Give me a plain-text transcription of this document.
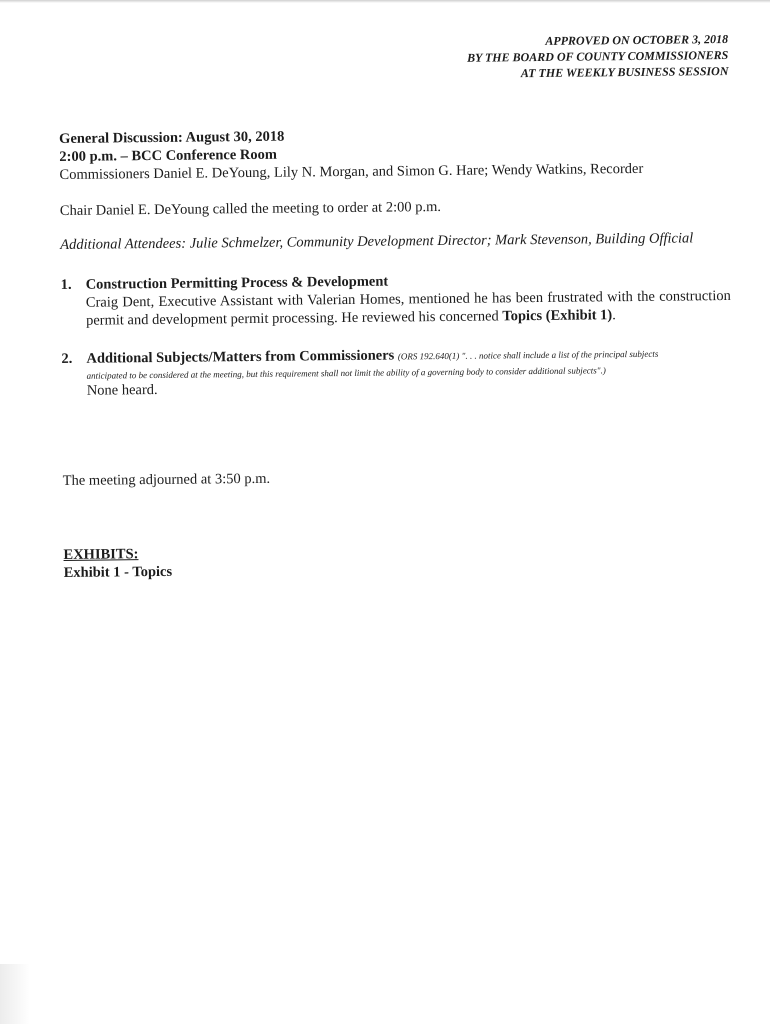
APPROVED ON OCTOBER 3, 2018
BY THE BOARD OF COUNTY COMMISSIONERS
AT THE WEEKLY BUSINESS SESSION
General Discussion: August 30, 2018
2:00 p.m. – BCC Conference Room
Commissioners Daniel E. DeYoung, Lily N. Morgan, and Simon G. Hare; Wendy Watkins, Recorder
Chair Daniel E. DeYoung called the meeting to order at 2:00 p.m.
Additional Attendees: Julie Schmelzer, Community Development Director; Mark Stevenson, Building Official
1. Construction Permitting Process & Development
Craig Dent, Executive Assistant with Valerian Homes, mentioned he has been frustrated with the construction permit and development permit processing. He reviewed his concerned Topics (Exhibit 1).
2. Additional Subjects/Matters from Commissioners (ORS 192.640(1) ". . . notice shall include a list of the principal subjects
anticipated to be considered at the meeting, but this requirement shall not limit the ability of a governing body to consider additional subjects".)
None heard.
The meeting adjourned at 3:50 p.m.
EXHIBITS:
Exhibit 1 - Topics
